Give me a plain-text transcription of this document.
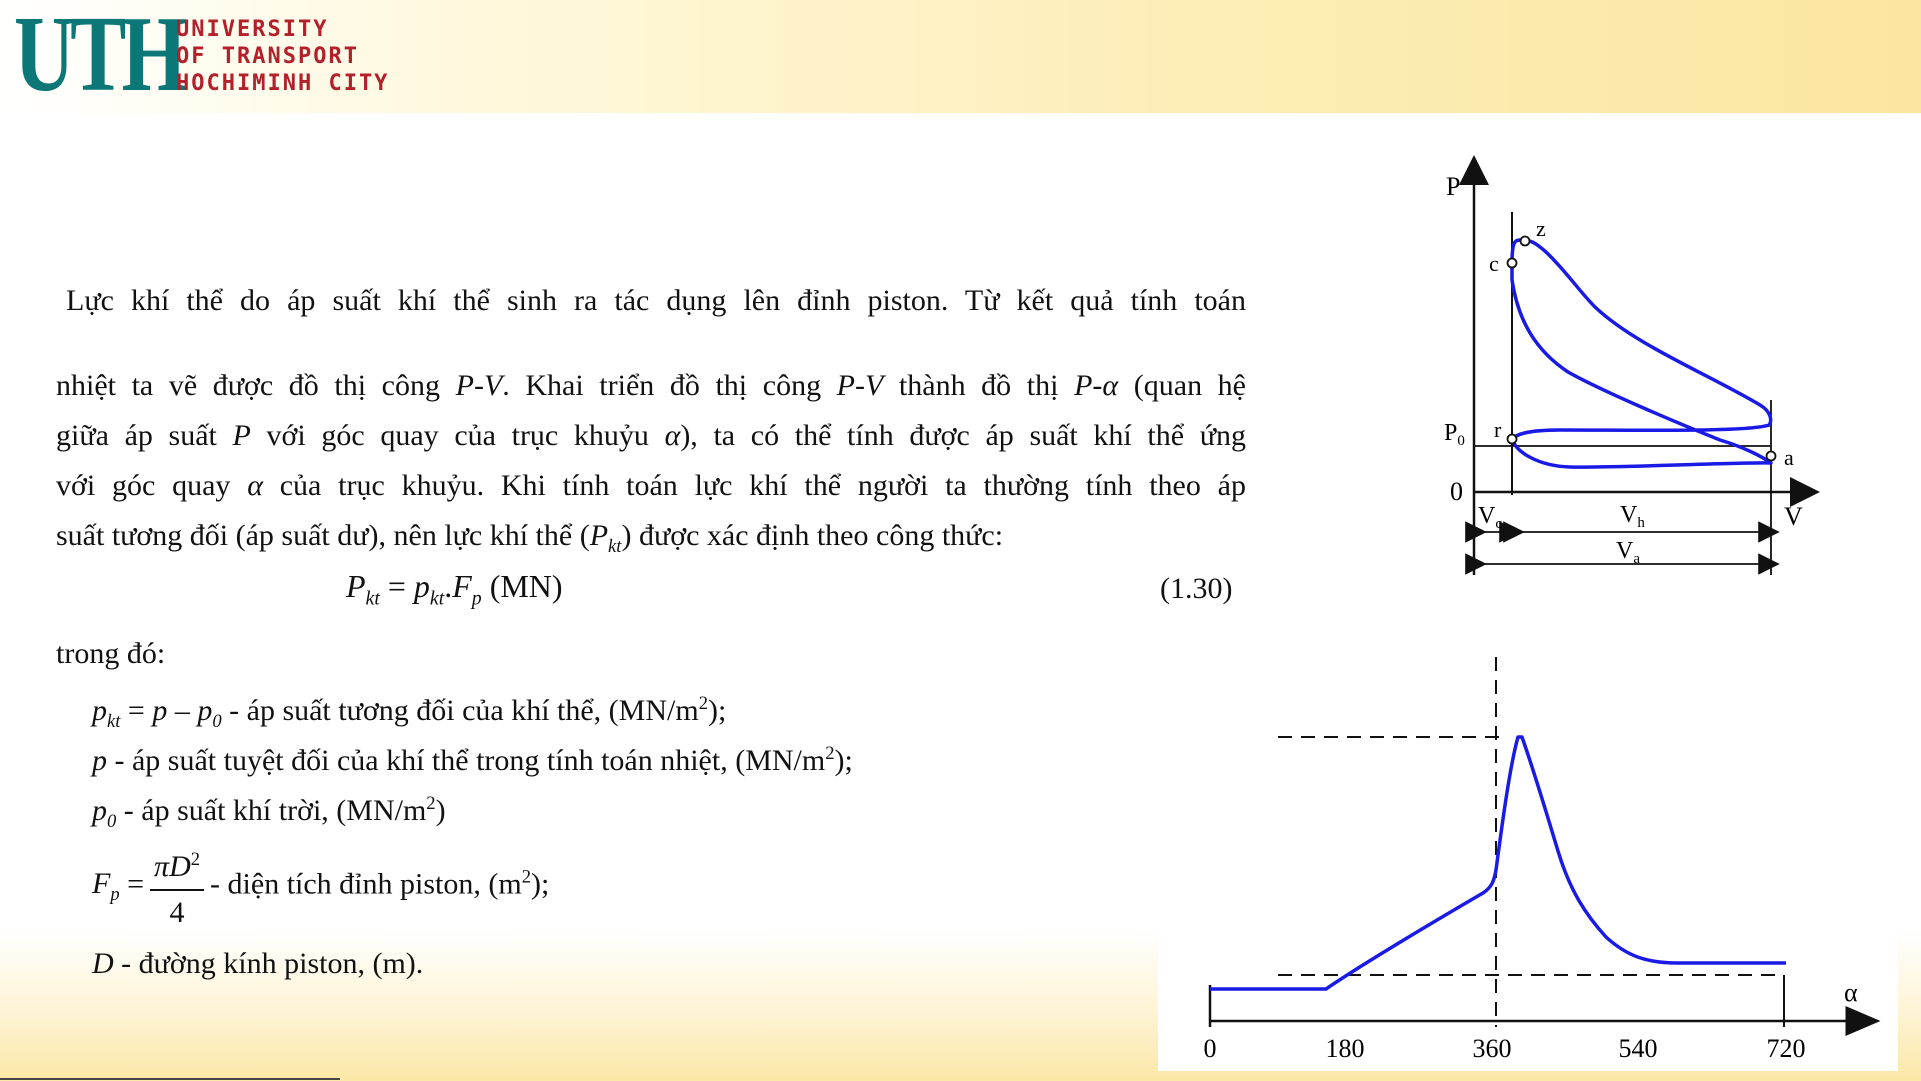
UTH
UNIVERSITY
OF TRANSPORT
HOCHIMINH CITY
Lực khí thể do áp suất khí thể sinh ra tác dụng lên đỉnh piston. Từ kết quả tính toán
nhiệt ta vẽ được đồ thị công P-V. Khai triển đồ thị công P-V thành đồ thị P-α (quan hệ
giữa áp suất P với góc quay của trục khuỷu α), ta có thể tính được áp suất khí thể ứng
với góc quay α của trục khuỷu. Khi tính toán lực khí thể người ta thường tính theo áp
suất tương đối (áp suất dư), nên lực khí thể $(P_{kt})$ được xác định theo công thức:
$P_{kt} = p_{kt}.F_p$ (MN)	(1.30)
trong đó:
$p_{kt} = p - p_0$ - áp suất tương đối của khí thể, $(MN/m^2)$;
p - áp suất tuyệt đối của khí thể trong tính toán nhiệt, $(MN/m^2)$;
$p_0$ - áp suất khí trời, $(MN/m^2)$
$F_p = \frac{\pi D^2}{4}$ - diện tích đỉnh piston, $(m^2)$;
D - đường kính piston, (m).
P
V
0
$P_0$
z
c
r
a
$V_c$	$V_h$
$V_a$
α
0	180	360	540	720
